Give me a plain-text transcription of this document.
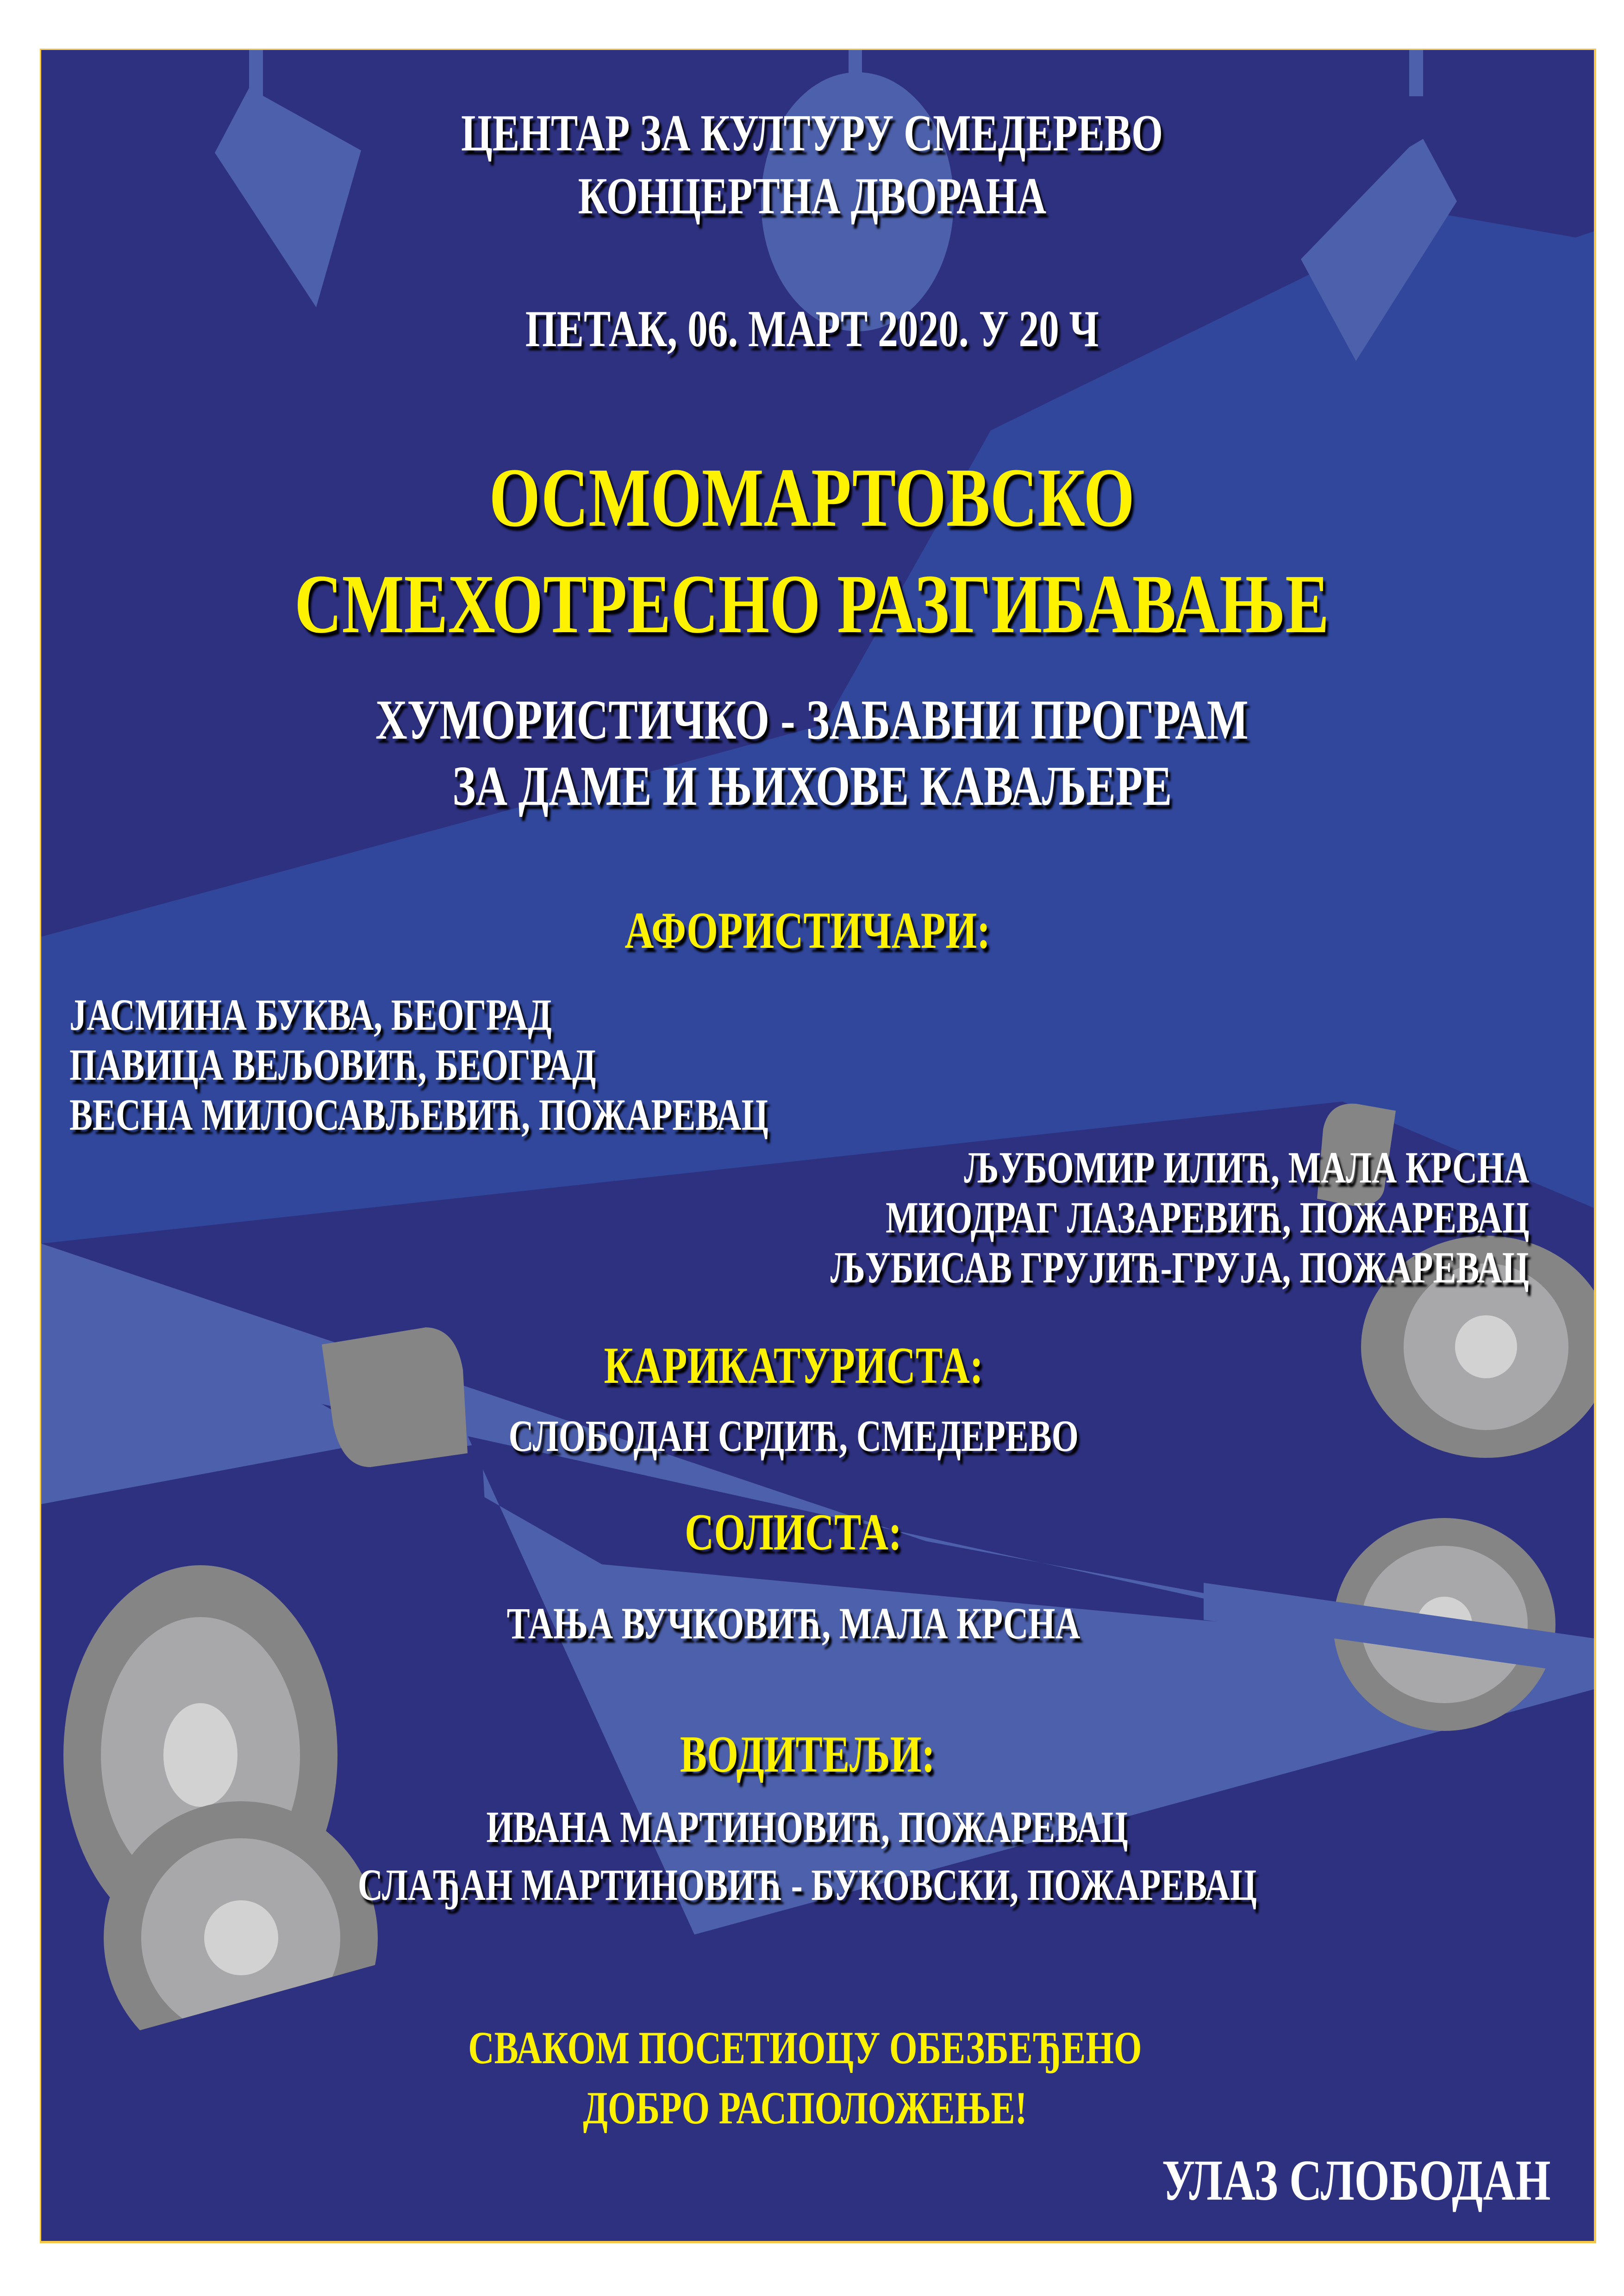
ЦЕНТАР ЗА КУЛТУРУ СМЕДЕРЕВО
КОНЦЕРТНА ДВОРАНА
ПЕТАК, 06. МАРТ 2020. У 20 Ч
ОСМОМАРТОВСКО
СМЕХОТРЕСНО РАЗГИБАВАЊЕ
ХУМОРИСТИЧКО - ЗАБАВНИ ПРОГРАМ
ЗА ДАМЕ И ЊИХОВЕ КАВАЉЕРЕ
АФОРИСТИЧАРИ:
ЈАСМИНА БУКВА, БЕОГРАД
ПАВИЦА ВЕЉОВИЋ, БЕОГРАД
ВЕСНА МИЛОСАВЉЕВИЋ, ПОЖАРЕВАЦ
ЉУБОМИР ИЛИЋ, МАЛА КРСНА
МИОДРАГ ЛАЗАРЕВИЋ, ПОЖАРЕВАЦ
ЉУБИСАВ ГРУЈИЋ-ГРУЈА, ПОЖАРЕВАЦ
КАРИКАТУРИСТА:
СЛОБОДАН СРДИЋ, СМЕДЕРЕВО
СОЛИСТА:
ТАЊА ВУЧКОВИЋ, МАЛА КРСНА
ВОДИТЕЉИ:
ИВАНА МАРТИНОВИЋ, ПОЖАРЕВАЦ
СЛАЂАН МАРТИНОВИЋ - БУКОВСКИ, ПОЖАРЕВАЦ
СВАКОМ ПОСЕТИОЦУ ОБЕЗБЕЂЕНО
ДОБРО РАСПОЛОЖЕЊЕ!
УЛАЗ СЛОБОДАН
